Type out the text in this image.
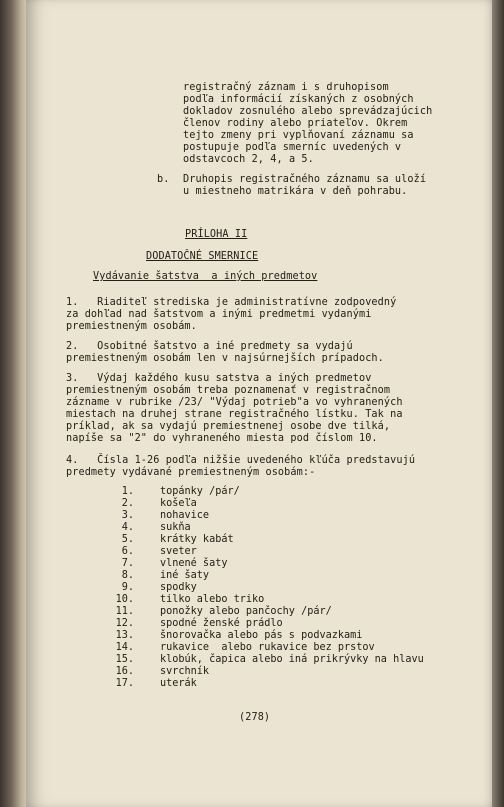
registračný záznam i s druhopisom
podľa informácií získaných z osobných
dokladov zosnulého alebo sprevádzajúcich
členov rodiny alebo priateľov. Okrem
tejto zmeny pri vyplňovaní záznamu sa
postupuje podľa smerníc uvedených v
odstavcoch 2, 4, a 5.
b. Druhopis registračného záznamu sa uloží
u miestneho matrikára v deň pohrabu.
PRÍLOHA II
DODATOČNÉ SMERNICE
Vydávanie šatstva  a iných predmetov
1.   Riaditeľ strediska je administratívne zodpovedný
za dohľad nad šatstvom a inými predmetmi vydanými
premiestneným osobám.
2.   Osobitné šatstvo a iné predmety sa vydajú
premiestneným osobám len v najsúrnejších prípadoch.
3.   Výdaj každého kusu satstva a iných predmetov
premiestneným osobám treba poznamenať v registračnom
zázname v rubrike /23/ "Výdaj potrieb"a vo vyhranených
miestach na druhej strane registračného lístku. Tak na
príklad, ak sa vydajú premiestnenej osobe dve tilká,
napíše sa "2" do vyhraneného miesta pod číslom 10.
4.   Čísla 1-26 podľa nižšie uvedeného kľúča predstavujú
predmety vydávané premiestneným osobám:-
1.	topánky /pár/
2.	košeľa
3.	nohavice
4.	sukňa
5.	krátky kabát
6.	sveter
7.	vlnené šaty
8.	iné šaty
9.	spodky
10.	tilko alebo triko
11.	ponožky alebo pančochy /pár/
12.	spodné ženské prádlo
13.	šnorovačka alebo pás s podvazkami
14.	rukavice  alebo rukavice bez prstov
15.	klobúk, čapica alebo iná prikrývky na hlavu
16.	svrchník
17.	uterák
(278)
